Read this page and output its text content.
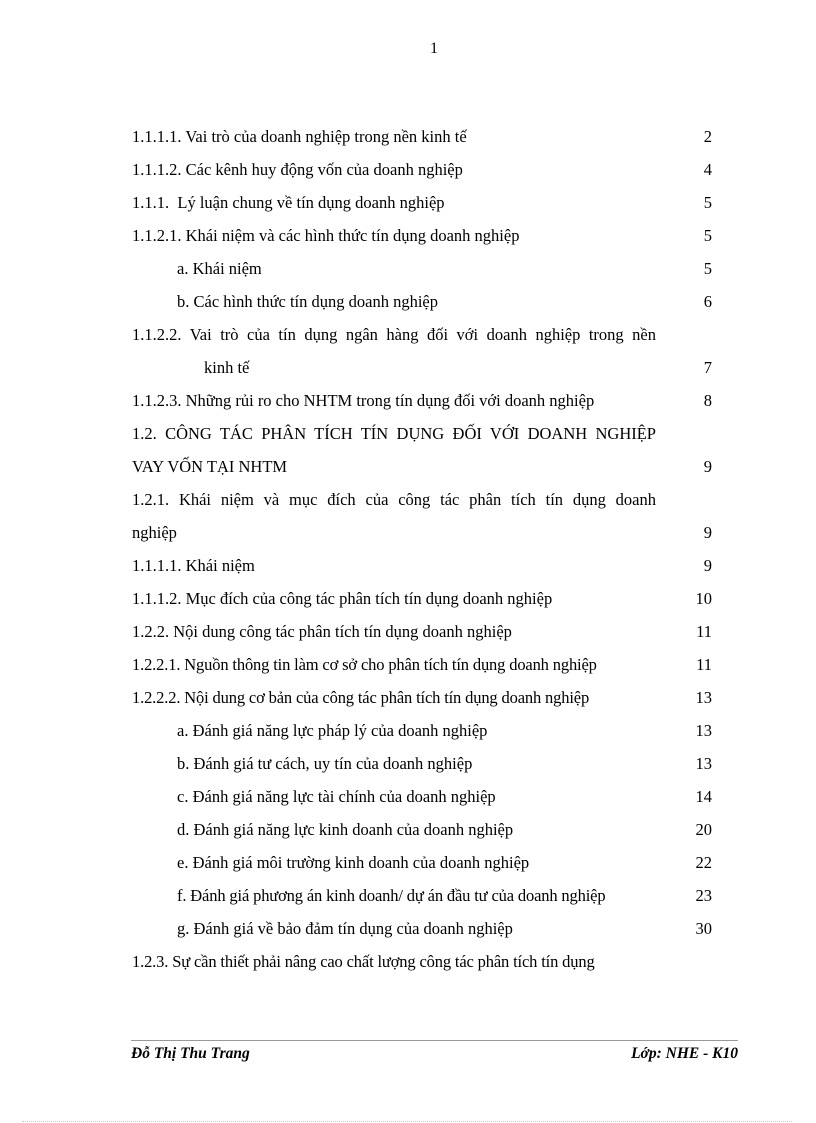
1
1.1.1.1. Vai trò của doanh nghiệp trong nền kinh tế	2
1.1.1.2. Các kênh huy động vốn của doanh nghiệp	4
1.1.1.  Lý luận chung về tín dụng doanh nghiệp	5
1.1.2.1. Khái niệm và các hình thức tín dụng doanh nghiệp	5
a. Khái niệm	5
b. Các hình thức tín dụng doanh nghiệp	6
1.1.2.2. Vai trò của tín dụng ngân hàng đối với doanh nghiệp trong nền
kinh tế	7
1.1.2.3. Những rủi ro cho NHTM trong tín dụng đối với doanh nghiệp	8
1.2. CÔNG TÁC PHÂN TÍCH TÍN DỤNG ĐỐI VỚI DOANH NGHIỆP
VAY VỐN TẠI NHTM	9
1.2.1. Khái niệm và mục đích của công tác phân tích tín dụng doanh
nghiệp	9
1.1.1.1. Khái niệm	9
1.1.1.2. Mục đích của công tác phân tích tín dụng doanh nghiệp	10
1.2.2. Nội dung công tác phân tích tín dụng doanh nghiệp	11
1.2.2.1. Nguồn thông tin làm cơ sở cho phân tích tín dụng doanh nghiệp	11
1.2.2.2. Nội dung cơ bản của công tác phân tích tín dụng doanh nghiệp	13
a. Đánh giá năng lực pháp lý của doanh nghiệp	13
b. Đánh giá tư cách, uy tín của doanh nghiệp	13
c. Đánh giá năng lực tài chính của doanh nghiệp	14
d. Đánh giá năng lực kinh doanh của doanh nghiệp	20
e. Đánh giá môi trường kinh doanh của doanh nghiệp	22
f. Đánh giá phương án kinh doanh/ dự án đầu tư của doanh nghiệp	23
g. Đánh giá về bảo đảm tín dụng của doanh nghiệp	30
1.2.3. Sự cần thiết phải nâng cao chất lượng công tác phân tích tín dụng
Đỗ Thị Thu Trang	Lớp: NHE - K10
